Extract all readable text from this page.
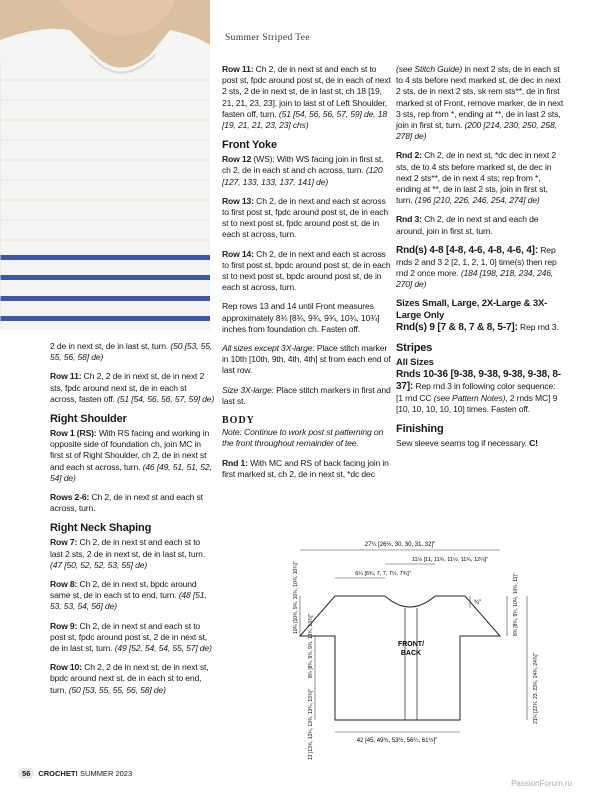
Summer Striped Tee

2 de in next st, de in last st, turn. (50 [53, 55, 55, 56, 58] de)

Row 11: Ch 2, 2 de in next st, de in next 2 sts, fpdc around next st, de in each st across, fasten off. (51 [54, 56, 56, 57, 59] de)

Right Shoulder

Row 1 (RS): With RS facing and working in opposite side of foundation ch, join MC in first st of Right Shoulder, ch 2, de in next st and each st across, turn. (46 [49, 51, 51, 52, 54] de)

Rows 2-6: Ch 2, de in next st and each st across, turn.

Right Neck Shaping

Row 7: Ch 2, de in next st and each st to last 2 sts, 2 de in next st, de in last st, turn. (47 [50, 52, 52, 53, 55] de)

Row 8: Ch 2, de in next st, bpdc around same st, de in each st to end, turn. (48 [51, 53, 53, 54, 56] de)

Row 9: Ch 2, de in next st and each st to post st, fpdc around post st, 2 de in next st, de in last st, turn. (49 [52, 54, 54, 55, 57] de)

Row 10: Ch 2, 2 de in next st, de in next st, bpdc around next st, de in each st to end, turn. (50 [53, 55, 55, 56, 58] de)

Row 11: Ch 2, de in next st and each st to post st, fpdc around post st, de in each of next 2 sts, 2 de in next st, de in last st, ch 18 [19, 21, 21, 23, 23], join to last st of Left Shoulder, fasten off, turn. (51 [54, 56, 56, 57, 59] de, 18 [19, 21, 21, 23, 23] chs)

Front Yoke

Row 12 (WS): With WS facing join in first st, ch 2, de in each st and ch across, turn. (120 [127, 133, 133, 137, 141] de)

Row 13: Ch 2, de in next and each st across to first post st, fpdc around post st, de in each st to next post st, fpdc around post st, de in each st across, turn.

Row 14: Ch 2, de in next and each st across to first post st, bpdc around post st, de in each st to next post st, bpdc around post st, de in each st across, turn.

Rep rows 13 and 14 until Front measures approximately 8¾ [8¾, 9¾, 9¾, 10¾, 10¾] inches from foundation ch. Fasten off.

All sizes except 3X-large: Place stitch marker in 10th [10th, 9th, 4th, 4th] st from each end of last row.

Size 3X-large: Place stitch markers in first and last st.

BODY

Note: Continue to work post st patterning on the front throughout remainder of tee.

Rnd 1: With MC and RS of back facing join in first marked st, ch 2, de in next st, *dc dec

(see Stitch Guide) in next 2 sts, de in each st to 4 sts before next marked st, de dec in next 2 sts, de in next 2 sts, sk rem sts**, de in first marked st of Front, remove marker, de in next 3 sts, rep from *, ending at **, de in last 2 sts, join in first st, turn. (200 [214, 230, 250, 258, 278] de)

Rnd 2: Ch 2, de in next st, *dc dec in next 2 sts, de to 4 sts before marked st, de dec in next 2 sts**, de in next 4 sts; rep from *, ending at **, de in last 2 sts, join in first st, turn. (196 [210, 226, 246, 254, 274] de)

Rnd 3: Ch 2, de in next st and each de around, join in first st, turn.

Rnd(s) 4-8 [4-8, 4-6, 4-8, 4-6, 4]: Rep rnds 2 and 3 2 [2, 1, 2, 1, 0] time(s) then rep rnd 2 once more. (184 [198, 218, 234, 246, 270] de)

Sizes Small, Large, 2X-Large & 3X-Large Only

Rnd(s) 9 [7 & 8, 7 & 8, 5-7]: Rep rnd 3.

Stripes

All Sizes

Rnds 10-36 [9-38, 9-38, 9-38, 9-38, 8-37]: Rep rnd 3 in following color sequence: [1 rnd CC (see Pattern Notes), 2 rnds MC] 9 [10, 10, 10, 10, 10] times. Fasten off.

Finishing

Sew sleeve seams tog if necessary. C!

27¼ [26½, 30, 30, 31, 32]"
11½ [11, 11¾, 11½, 11¾, 12¼]"
6¼ [6¾, 7, 7, 7½, 7¾]"
¾"
10¼ [10¾, 9¾, 10¾, 10¾, 10¾]"
8¼ [8¾, 9¾, 9¾, 13¾, 13¾]"
13 [13¾, 13¾, 13¾, 13¾, 13¾]"
8¾ [8¾, 9¾, 10¼, 10¾, 11]"
21¾ [22¾, 23, 23¾, 24¼, 24¾]"
FRONT/
BACK
42 [45, 49¾, 53½, 56¼, 61½]"
56 CROCHET! SUMMER 2023
PassionForum.ru
